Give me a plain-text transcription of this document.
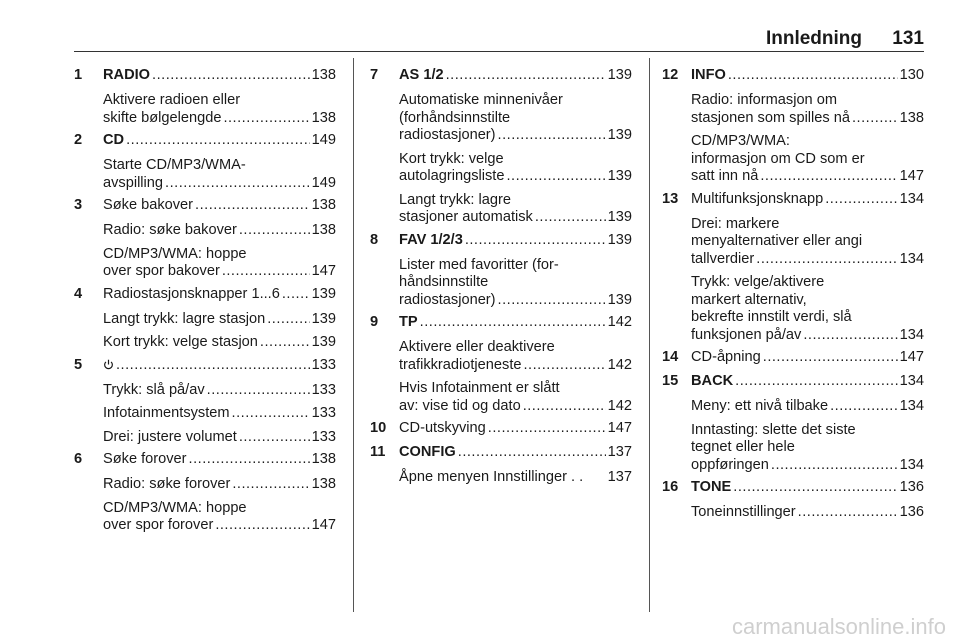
Innledning 131
1 RADIO .....	138
Aktivere radioen eller
skifte bølgelengde .....	138
2 CD .....	149
Starte CD/MP3/WMA-
avspilling .....	149
3 Søke bakover .....	138
Radio: søke bakover .....	138
CD/MP3/WMA: hoppe
over spor bakover .....	147
4 Radiostasjonsknapper 1...6 ..... 139
Langt trykk: lagre stasjon .....	139
Kort trykk: velge stasjon .....	139
5 .....	133
Trykk: slå på/av .....	133
Infotainmentsystem .....	133
Drei: justere volumet .....	133
6 Søke forover .....	138
Radio: søke forover .....	138
CD/MP3/WMA: hoppe
over spor forover .....	147
7 AS 1/2 .....	139
Automatiske minnenivåer
(forhåndsinnstilte
radiostasjoner) .....	139
Kort trykk: velge
autolagringsliste .....	139
Langt trykk: lagre
stasjoner automatisk .....	139
8 FAV 1/2/3 .....	139
Lister med favoritter (for-
håndsinnstilte
radiostasjoner) .....	139
9 TP .....	142
Aktivere eller deaktivere
trafikkradiotjeneste .....	142
Hvis Infotainment er slått
av: vise tid og dato .....	142
10 CD-utskyving .....	147
11 CONFIG .....	137
Åpne menyen Innstillinger . . 137
12 INFO .....	130
Radio: informasjon om
stasjonen som spilles nå .....	138
CD/MP3/WMA:
informasjon om CD som er
satt inn nå .....	147
13 Multifunksjonsknapp .....	134
Drei: markere
menyalternativer eller angi
tallverdier .....	134
Trykk: velge/aktivere
markert alternativ,
bekrefte innstilt verdi, slå
funksjonen på/av .....	134
14 CD-åpning .....	147
15 BACK .....	134
Meny: ett nivå tilbake .....	134
Inntasting: slette det siste
tegnet eller hele
oppføringen .....	134
16 TONE .....	136
Toneinnstillinger .....	136
carmanualsonline.info
